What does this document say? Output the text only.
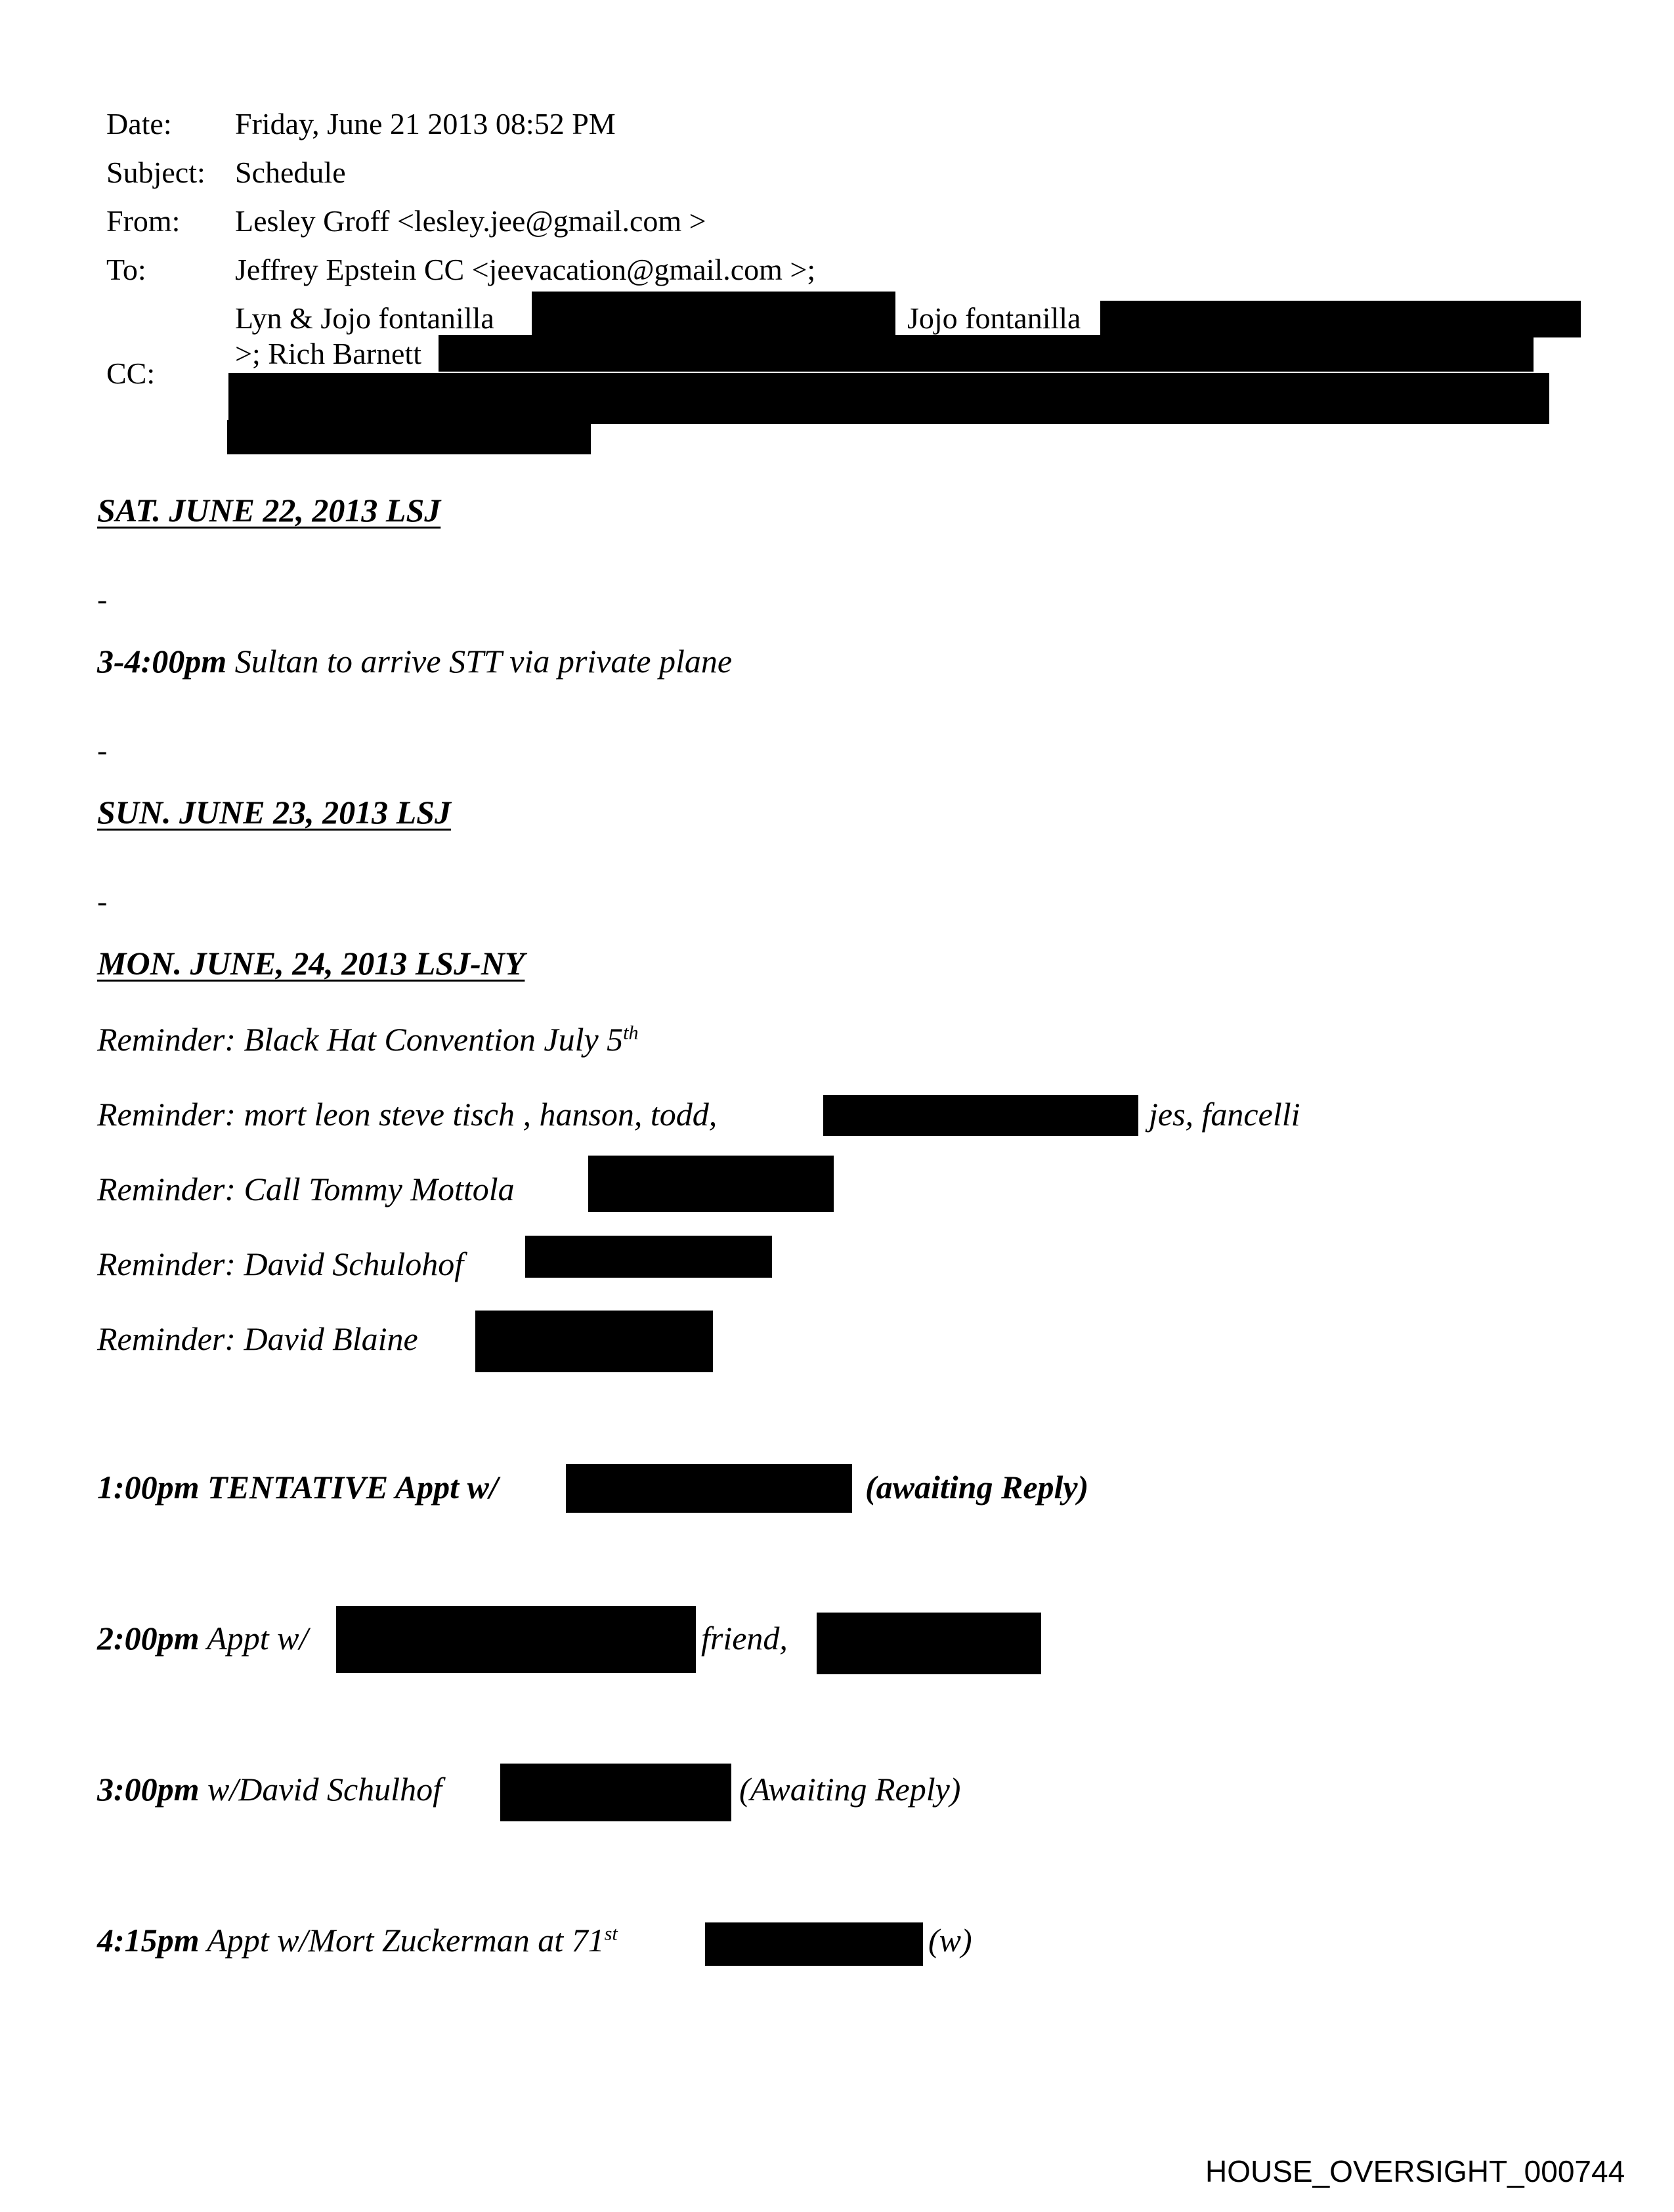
Date: Friday, June 21 2013 08:52 PM
Subject: Schedule
From: Lesley Groff <lesley.jee@gmail.com >
To:	Jeffrey Epstein CC <jeevacation@gmail.com >;
CC:
Lyn & Jojo fontanilla	Jojo fontanilla
>; Rich Barnett
SAT. JUNE 22, 2013 LSJ
-
3-4:00pm Sultan to arrive STT via private plane
-
SUN. JUNE 23, 2013 LSJ
-
MON. JUNE, 24, 2013 LSJ-NY
Reminder: Black Hat Convention July 5th
Reminder: mort leon steve tisch , hanson, todd,	jes, fancelli
Reminder: Call Tommy Mottola
Reminder: David Schulohof
Reminder: David Blaine
1:00pm TENTATIVE Appt w/	(awaiting Reply)
2:00pm Appt w/	friend,
3:00pm w/David Schulhof	(Awaiting Reply)
4:15pm Appt w/Mort Zuckerman at 71st	(w)
HOUSE_OVERSIGHT_000744
